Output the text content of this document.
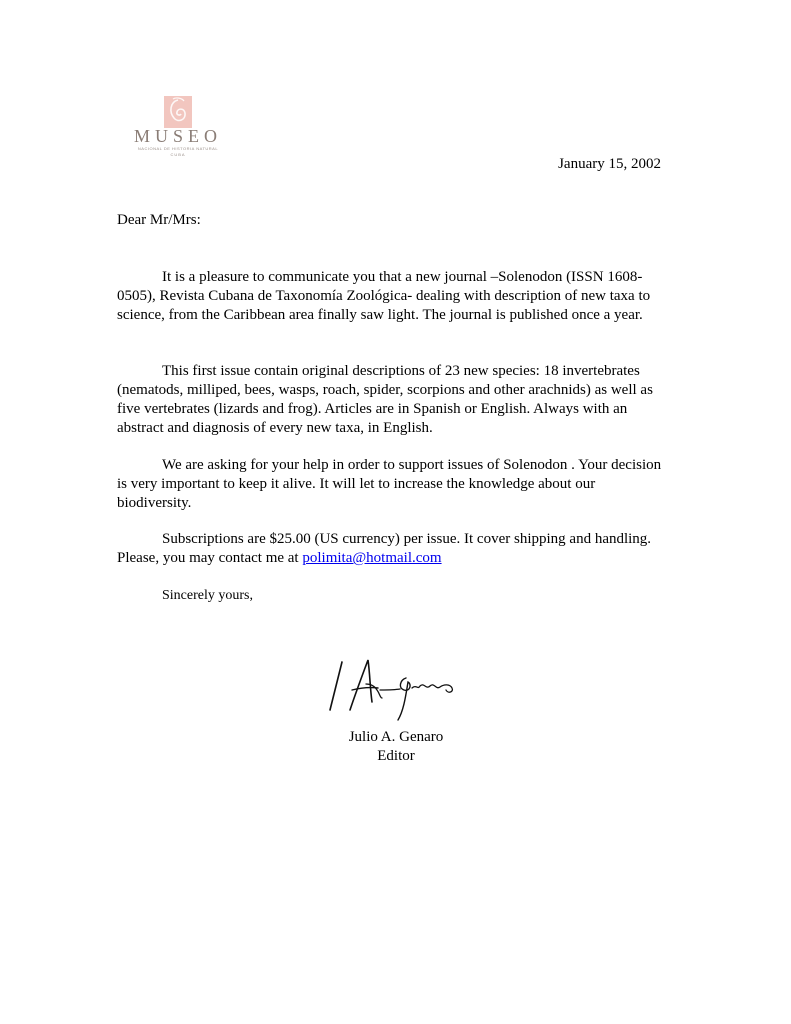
MUSEO
NACIONAL DE HISTORIA NATURAL
CUBA
January 15, 2002
Dear Mr/Mrs:

It is a pleasure to communicate you that a new journal –Solenodon (ISSN 1608-0505), Revista Cubana de Taxonomía Zoológica- dealing with description of new taxa to science, from the Caribbean area finally saw light. The journal is published once a year.

This first issue contain original descriptions of 23 new species: 18 invertebrates (nematods, milliped, bees, wasps, roach, spider, scorpions and other arachnids) as well as five vertebrates (lizards and frog). Articles are in Spanish or English. Always with an abstract and diagnosis of every new taxa, in English.

We are asking for your help in order to support issues of Solenodon . Your decision is very important to keep it alive. It will let to increase the knowledge about our biodiversity.

Subscriptions are $25.00 (US currency) per issue. It cover shipping and handling. Please, you may contact me at polimita@hotmail.com

Sincerely yours,
Julio A. Genaro
Editor
